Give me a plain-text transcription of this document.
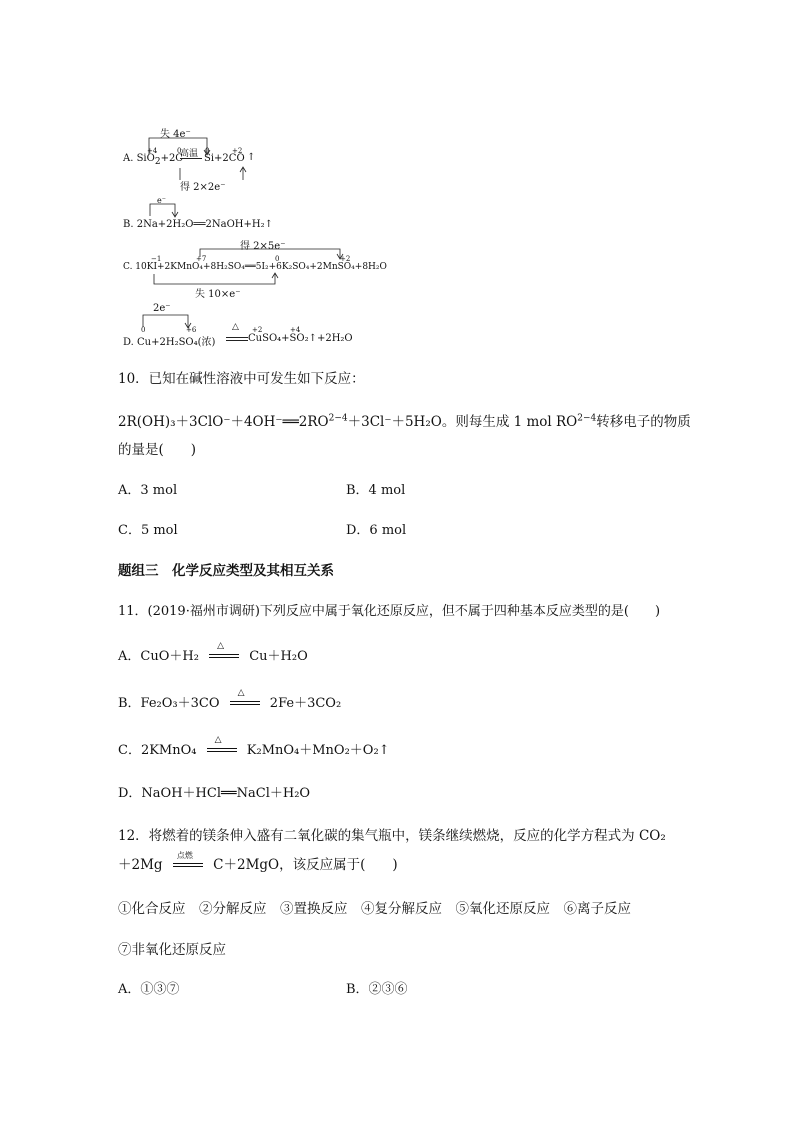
失 4e⁻
+4	0	0	+2
A. SiO$_2$+2C
高温 Si+2CO ↑
得 2×2e⁻
e⁻
B. 2Na+2H₂O══2NaOH+H₂↑
得 2×5e⁻
−1	+7	0	+2
C. 10KI+2KMnO₄+8H₂SO₄══5I₂+6K₂SO₄+2MnSO₄+8H₂O
失 10×e⁻
2e⁻
0	+6	+2	+4
D. Cu+2H₂SO₄(浓)
△
CuSO₄+SO₂↑+2H₂O
10．已知在碱性溶液中可发生如下反应：
$2R(OH)_3+3ClO^-+4OH^-══2RO^{2-4}+3Cl^-+5H_2O$。则每生成 1 mol $RO^{2-4}$转移电子的物质
的量是(　　)
A．3 mol	B．4 mol
C．5 mol	D．6 mol
题组三　化学反应类型及其相互关系
11．(2019·福州市调研)下列反应中属于氧化还原反应，但不属于四种基本反应类型的是(　　)
A．CuO＋H₂
△
Cu＋H₂O
B．Fe₂O₃＋3CO
△
2Fe＋3CO₂
C．2KMnO₄
△
K₂MnO₄＋MnO₂＋O₂↑
D．NaOH＋HCl══NaCl＋H₂O
12．将燃着的镁条伸入盛有二氧化碳的集气瓶中，镁条继续燃烧，反应的化学方程式为 CO₂
＋2Mg
点燃
C＋2MgO，该反应属于(　　)
①化合反应　②分解反应　③置换反应　④复分解反应　⑤氧化还原反应　⑥离子反应
⑦非氧化还原反应
A．①③⑦	B．②③⑥
